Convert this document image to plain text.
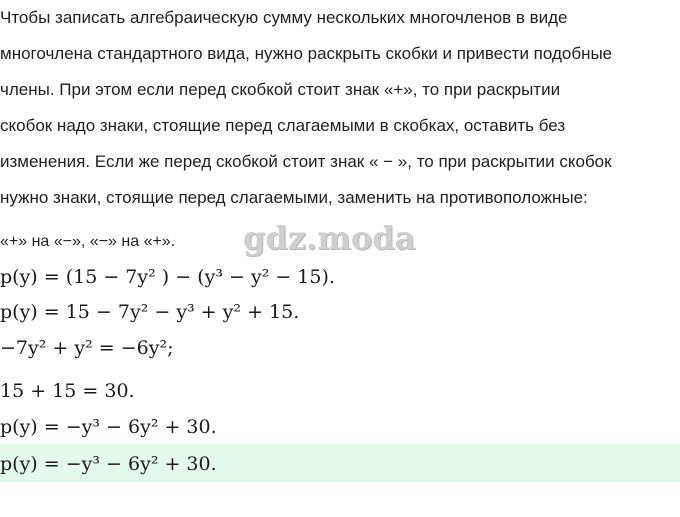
Чтобы записать алгебраическую сумму нескольких многочленов в виде
многочлена стандартного вида, нужно раскрыть скобки и привести подобные
члены. При этом если перед скобкой стоит знак «+», то при раскрытии
скобок надо знаки, стоящие перед слагаемыми в скобках, оставить без
изменения. Если же перед скобкой стоит знак « − », то при раскрытии скобок
нужно знаки, стоящие перед слагаемыми, заменить на противоположные:
«+» на «−», «−» на «+». gdz.moda
p(y) = (15 − 7y² ) − (y³ − y² − 15).
p(y) = 15 − 7y² − y³ + y² + 15.
−7y² + y² = −6y²;
15 + 15 = 30.
p(y) = −y³ − 6y² + 30.
p(y) = −y³ − 6y² + 30.
